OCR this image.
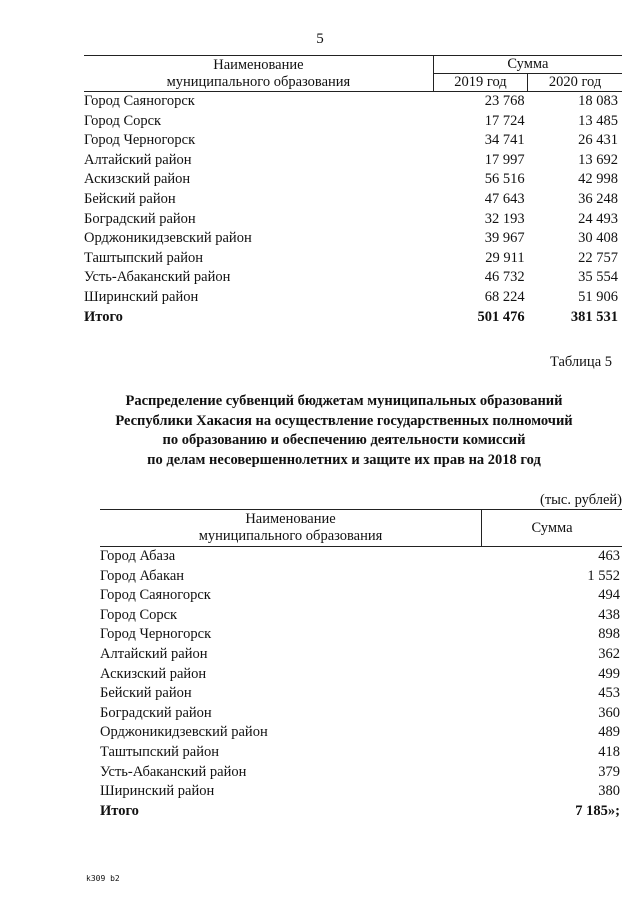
5
Наименование
муниципального образования	Сумма	
	2019 год	2020 год
Город Саяногорск	23 768	18 083
Город Сорск	17 724	13 485
Город Черногорск	34 741	26 431
Алтайский район	17 997	13 692
Аскизский район	56 516	42 998
Бейский район	47 643	36 248
Боградский район	32 193	24 493
Орджоникидзевский район	39 967	30 408
Таштыпский район	29 911	22 757
Усть-Абаканский район	46 732	35 554
Ширинский район	68 224	51 906
Итого	501 476	381 531
Таблица 5
Распределение субвенций бюджетам муниципальных образований
Республики Хакасия на осуществление государственных полномочий
по образованию и обеспечению деятельности комиссий
по делам несовершеннолетних и защите их прав на 2018 год
(тыс. рублей)
Наименование
муниципального образования	Сумма
Город Абаза	463
Город Абакан	1 552
Город Саяногорск	494
Город Сорск	438
Город Черногорск	898
Алтайский район	362
Аскизский район	499
Бейский район	453
Боградский район	360
Орджоникидзевский район	489
Таштыпский район	418
Усть-Абаканский район	379
Ширинский район	380
Итого	7 185»;
k309 b2
